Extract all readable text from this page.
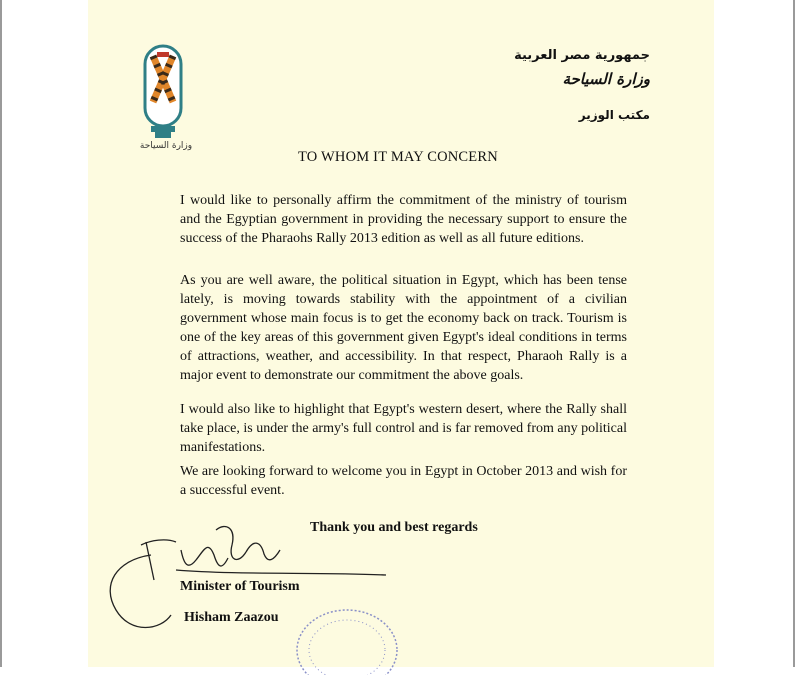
وزارة السياحة
جمهورية مصر العربية
وزارة السياحة
مكتب الوزير
TO WHOM IT MAY CONCERN

I would like to personally affirm the commitment of the ministry of tourism and the Egyptian government in providing the necessary support to ensure the success of the Pharaohs Rally 2013 edition as well as all future editions.

As you are well aware, the political situation in Egypt, which has been tense lately, is moving towards stability with the appointment of a civilian government whose main focus is to get the economy back on track. Tourism is one of the key areas of this government given Egypt's ideal conditions in terms of attractions, weather, and accessibility. In that respect, Pharaoh Rally is a major event to demonstrate our commitment the above goals.

I would also like to highlight that Egypt's western desert, where the Rally shall take place, is under the army's full control and is far removed from any political manifestations.

We are looking forward to welcome you in Egypt in October 2013 and wish for a successful event.

Thank you and best regards
Minister of Tourism
Hisham Zaazou
